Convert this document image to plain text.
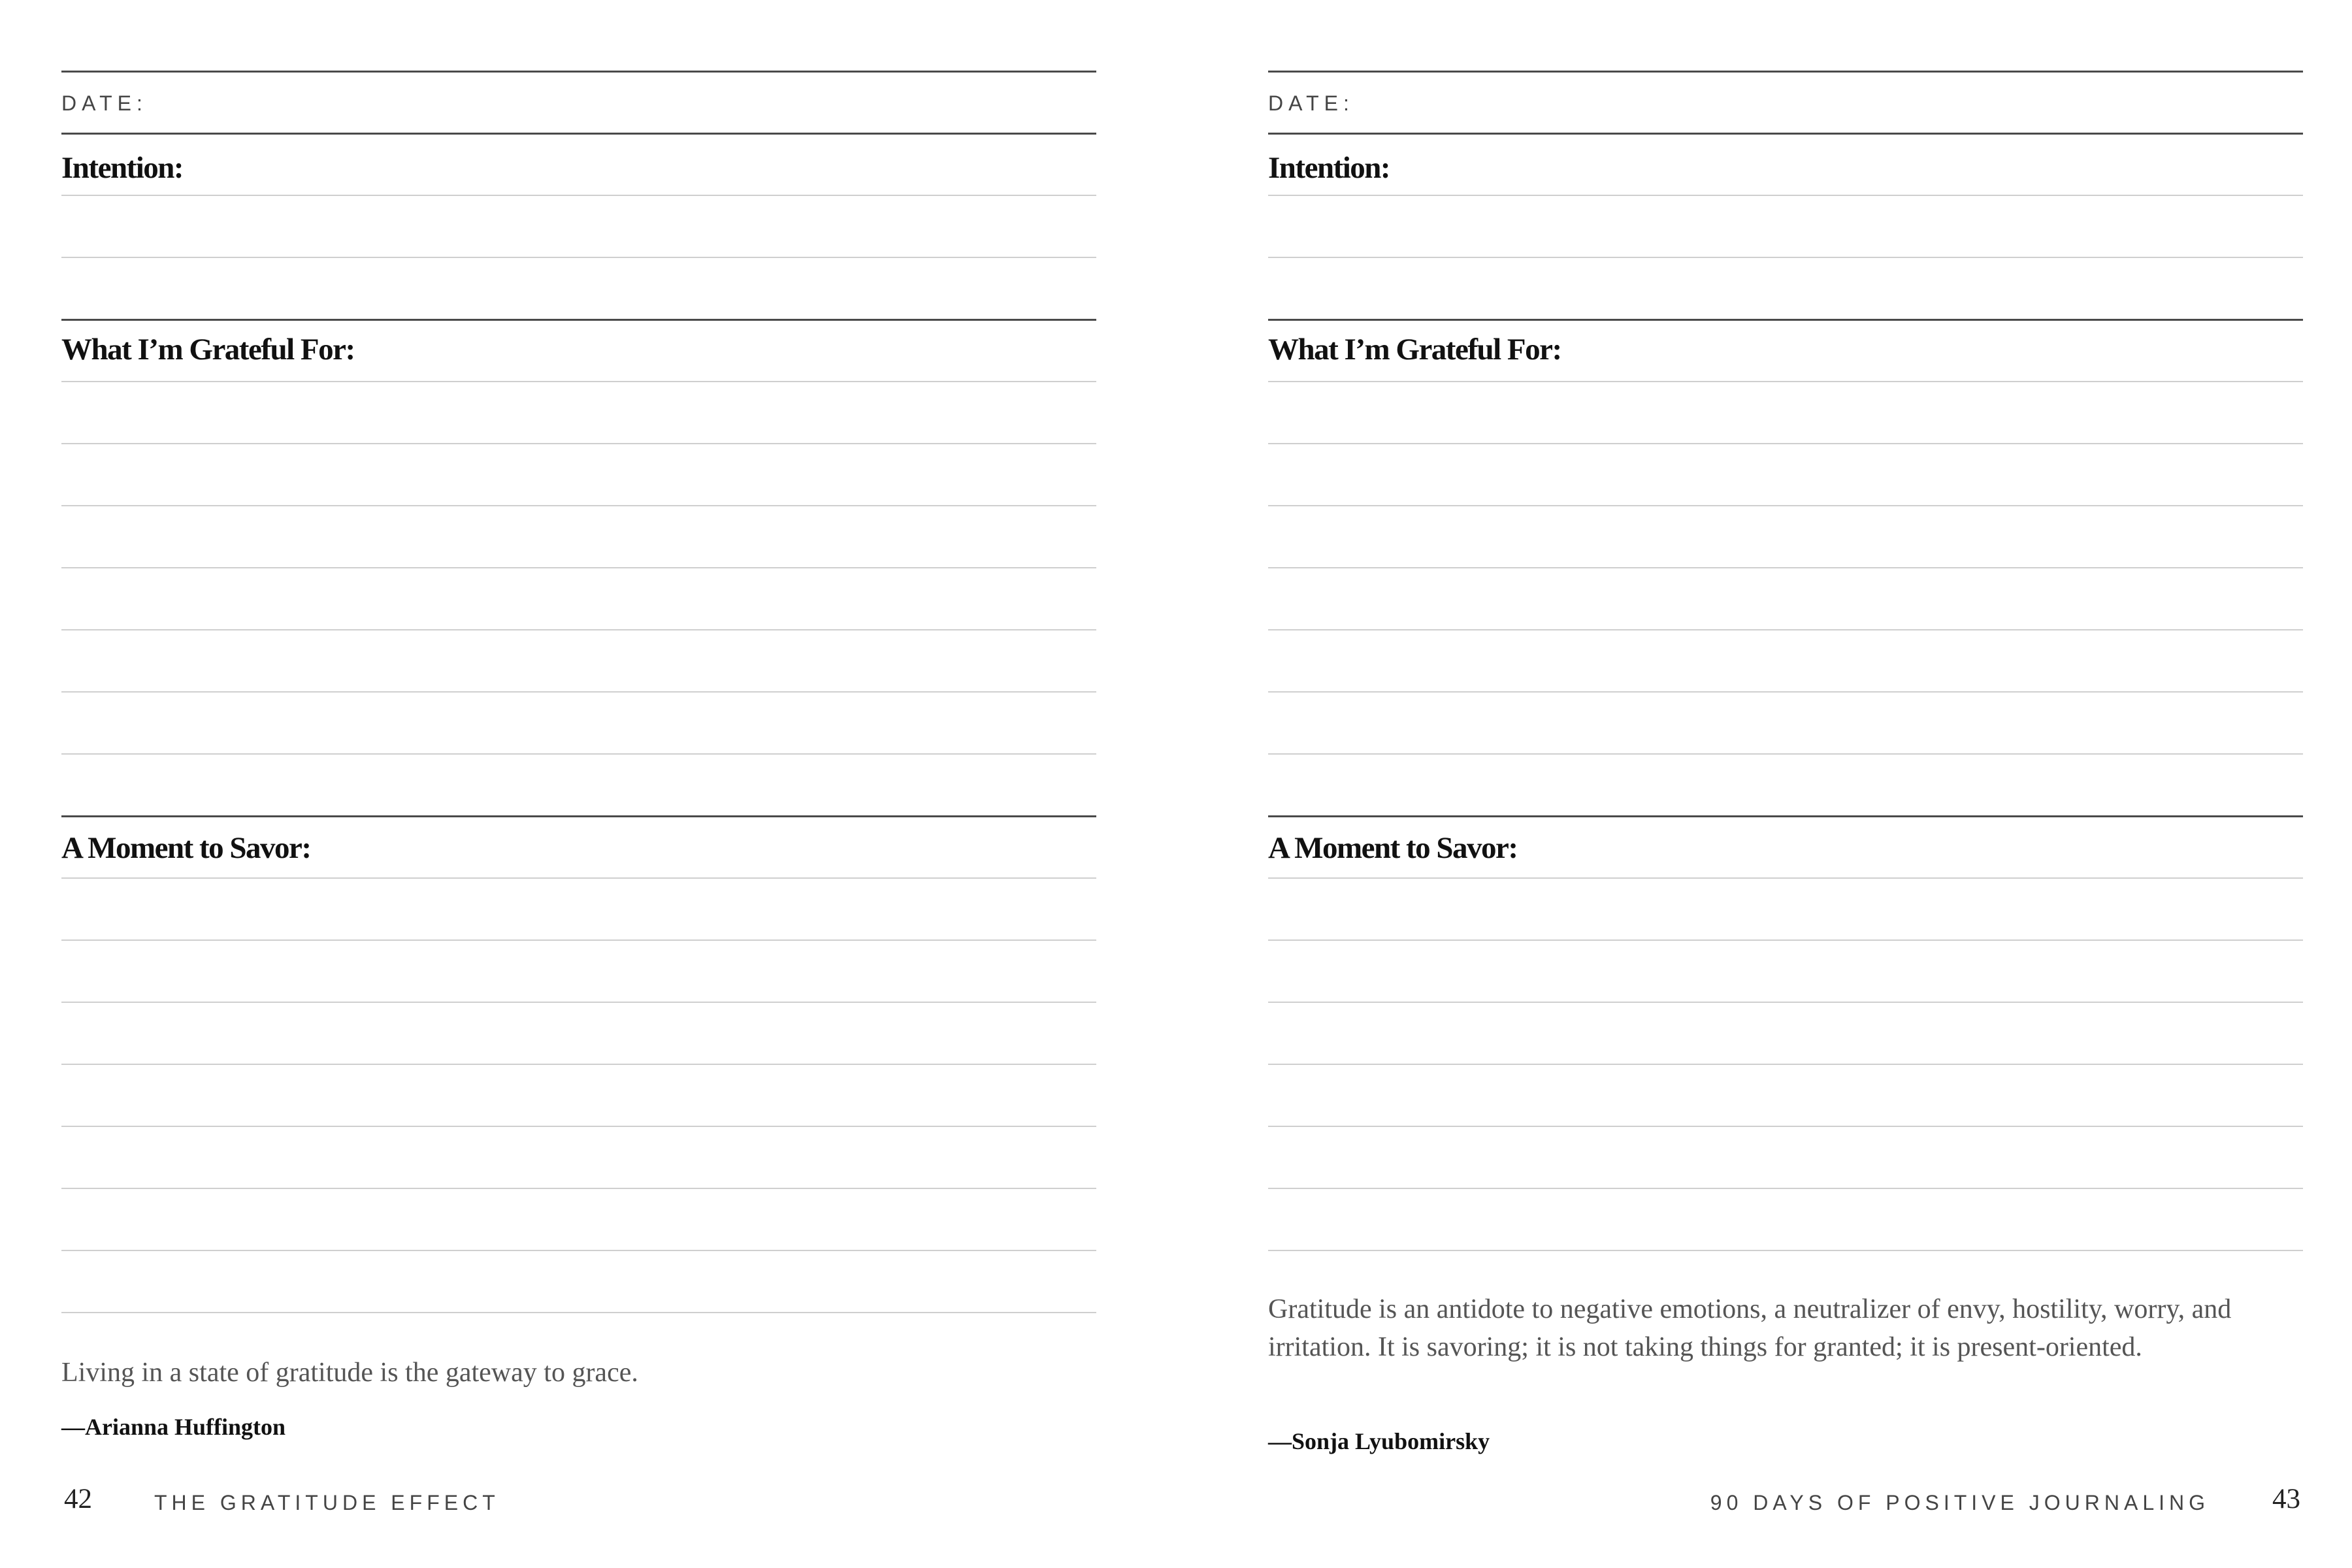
DATE:
Intention:
What I’m Grateful For:
A Moment to Savor:
Living in a state of gratitude is the gateway to grace.
—Arianna Huffington
42	THE GRATITUDE EFFECT
DATE:
Intention:
What I’m Grateful For:
A Moment to Savor:
Gratitude is an antidote to negative emotions, a neutralizer of envy, hostility, worry, and irritation. It is savoring; it is not taking things for granted; it is present-oriented.
—Sonja Lyubomirsky
90 DAYS OF POSITIVE JOURNALING 43
